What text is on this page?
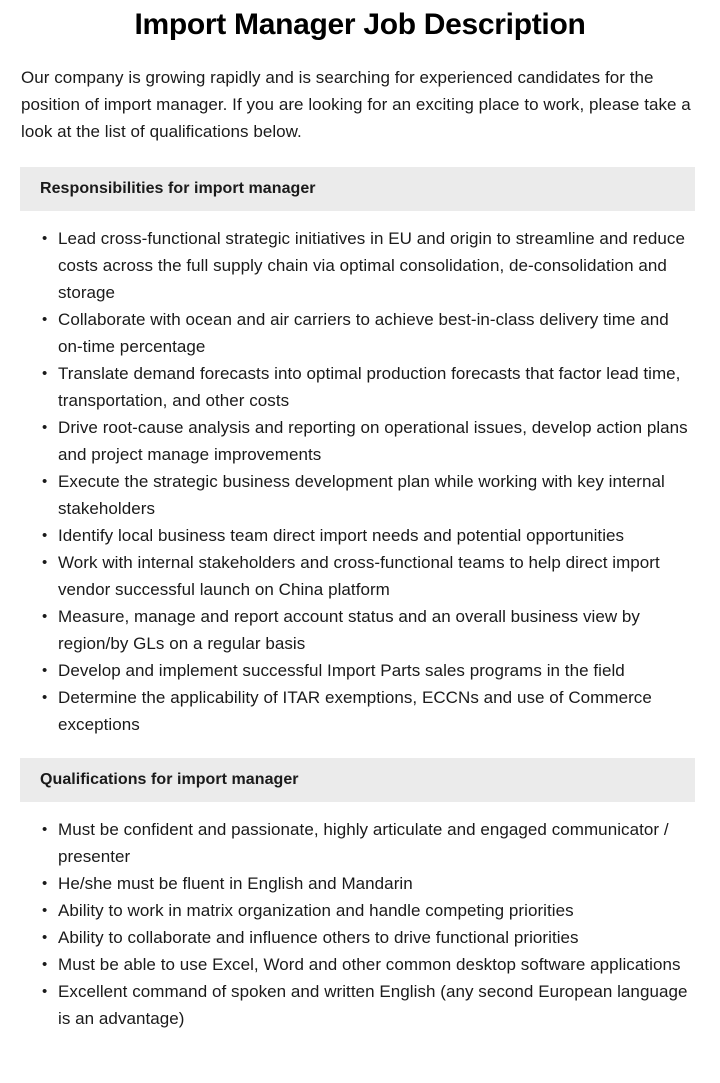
Import Manager Job Description

Our company is growing rapidly and is searching for experienced candidates for the position of import manager. If you are looking for an exciting place to work, please take a look at the list of qualifications below.

Responsibilities for import manager
• Lead cross-functional strategic initiatives in EU and origin to streamline and reduce costs across the full supply chain via optimal consolidation, de-consolidation and storage
• Collaborate with ocean and air carriers to achieve best-in-class delivery time and on-time percentage
• Translate demand forecasts into optimal production forecasts that factor lead time, transportation, and other costs
• Drive root-cause analysis and reporting on operational issues, develop action plans and project manage improvements
• Execute the strategic business development plan while working with key internal stakeholders
• Identify local business team direct import needs and potential opportunities
• Work with internal stakeholders and cross-functional teams to help direct import vendor successful launch on China platform
• Measure, manage and report account status and an overall business view by region/by GLs on a regular basis
• Develop and implement successful Import Parts sales programs in the field
• Determine the applicability of ITAR exemptions, ECCNs and use of Commerce exceptions
Qualifications for import manager
• Must be confident and passionate, highly articulate and engaged communicator / presenter
• He/she must be fluent in English and Mandarin
• Ability to work in matrix organization and handle competing priorities
• Ability to collaborate and influence others to drive functional priorities
• Must be able to use Excel, Word and other common desktop software applications
• Excellent command of spoken and written English (any second European language is an advantage)
